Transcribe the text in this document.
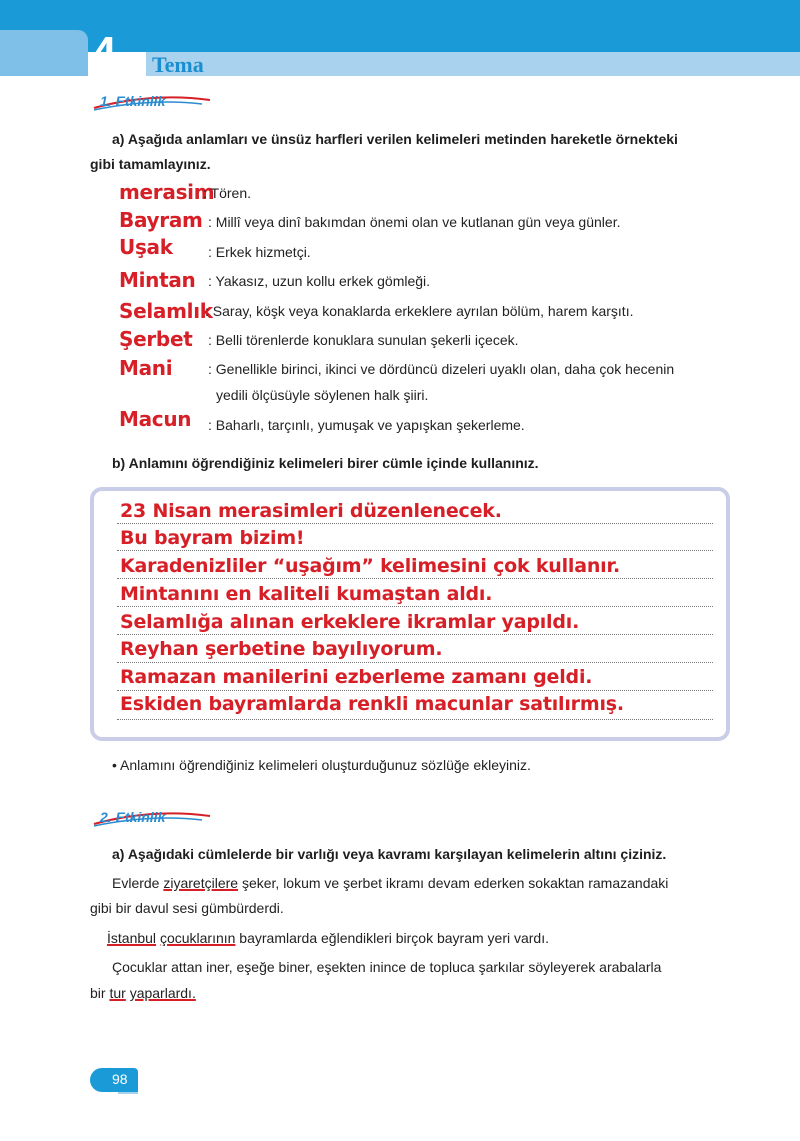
4. Tema
1. Etkinlik
a) Aşağıda anlamları ve ünsüz harfleri verilen kelimeleri metinden hareketle örnekteki
gibi tamamlayınız.
merasim
: Tören.
Bayram : Millî veya dinî bakımdan önemi olan ve kutlanan gün veya günler.
Uşak	: Erkek hizmetçi.
Mintan : Yakasız, uzun kollu erkek gömleği.
Selamlık
: Saray, köşk veya konaklarda erkeklere ayrılan bölüm, harem karşıtı.
Şerbet : Belli törenlerde konuklara sunulan şekerli içecek.
Mani	: Genellikle birinci, ikinci ve dördüncü dizeleri uyaklı olan, daha çok hecenin
yedili ölçüsüyle söylenen halk şiiri.
Macun : Baharlı, tarçınlı, yumuşak ve yapışkan şekerleme.
b) Anlamını öğrendiğiniz kelimeleri birer cümle içinde kullanınız.
23 Nisan merasimleri düzenlenecek.
Bu bayram bizim!
Karadenizliler “uşağım” kelimesini çok kullanır.
Mintanını en kaliteli kumaştan aldı.
Selamlığa alınan erkeklere ikramlar yapıldı.
Reyhan şerbetine bayılıyorum.
Ramazan manilerini ezberleme zamanı geldi.
Eskiden bayramlarda renkli macunlar satılırmış.
• Anlamını öğrendiğiniz kelimeleri oluşturduğunuz sözlüğe ekleyiniz.
2. Etkinlik
a) Aşağıdaki cümlelerde bir varlığı veya kavramı karşılayan kelimelerin altını çiziniz.
Evlerde ziyaretçilere şeker, lokum ve şerbet ikramı devam ederken sokaktan ramazandaki
gibi bir davul sesi gümbürderdi.
İstanbul çocuklarının bayramlarda eğlendikleri birçok bayram yeri vardı.
Çocuklar attan iner, eşeğe biner, eşekten inince de topluca şarkılar söyleyerek arabalarla
bir tur yaparlardı.
98
